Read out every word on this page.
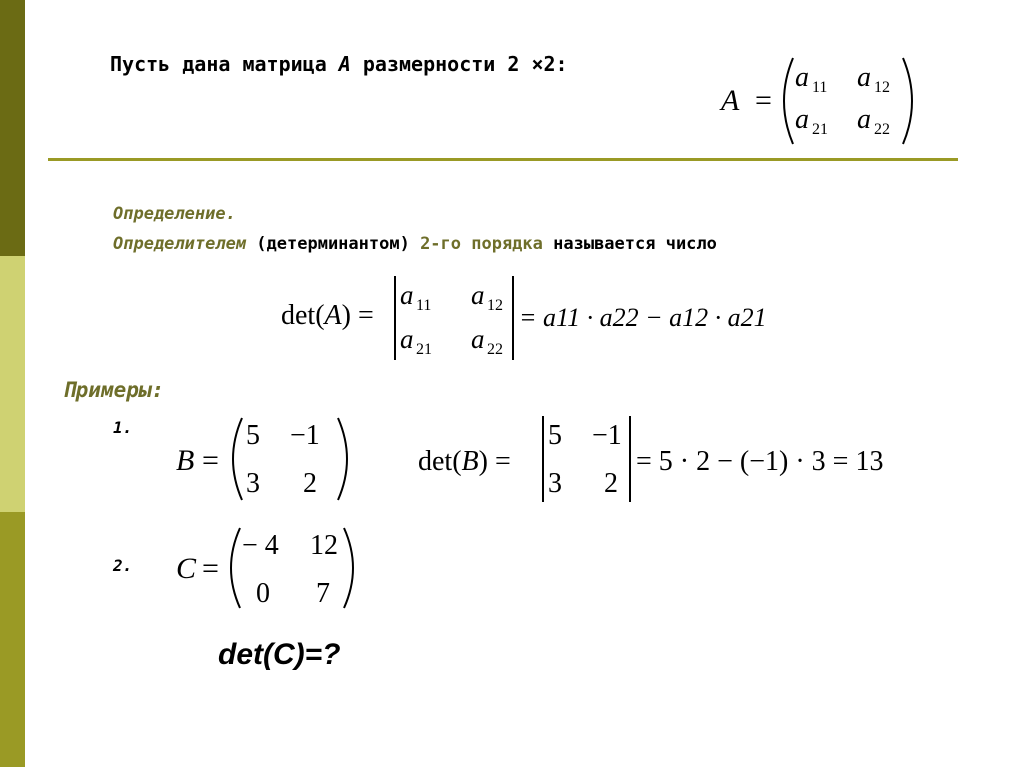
Пусть дана матрица A размерности 2 ×2:
A =
a 11 a 12
a 21 a 22
Определение.
Определителем (детерминантом) 2-го порядка называется число
det(A) =
a 11 a 12
a 21 a 22
= a11 · a22 − a12 · a21
Примеры:
1.
2.
B =
5 −1
3 2
det(B) =
5 −1
3 2
= 5 · 2 − (−1) · 3 = 13
C =
− 4 12
0 7
det(C)=?
